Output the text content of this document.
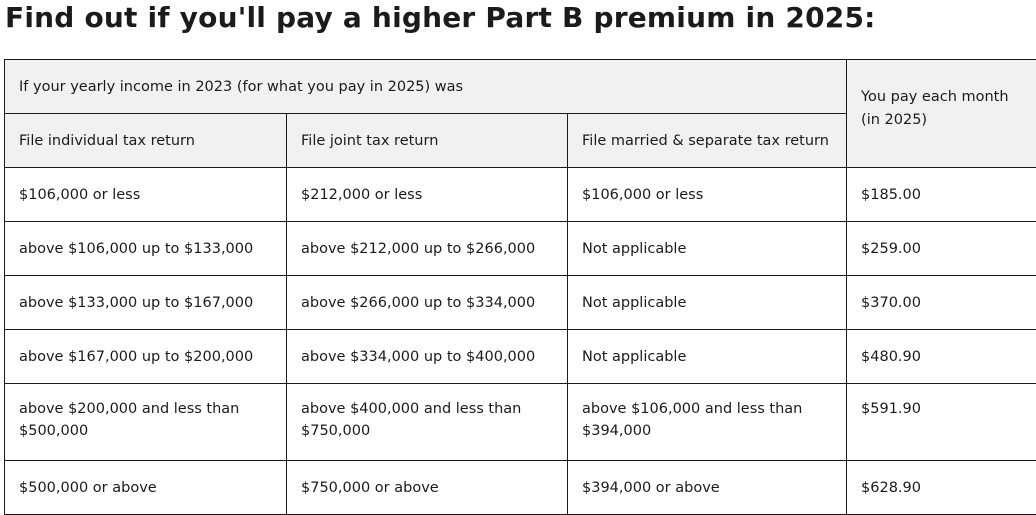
Find out if you'll pay a higher Part B premium in 2025:
If your yearly income in 2023 (for what you pay in 2025) was			You pay each month (in 2025)
File individual tax return	File joint tax return	File married & separate tax return	
$106,000 or less	$212,000 or less	$106,000 or less	$185.00
above $106,000 up to $133,000	above $212,000 up to $266,000	Not applicable	$259.00
above $133,000 up to $167,000	above $266,000 up to $334,000	Not applicable	$370.00
above $167,000 up to $200,000	above $334,000 up to $400,000	Not applicable	$480.90
above $200,000 and less than $500,000	above $400,000 and less than $750,000	above $106,000 and less than $394,000	$591.90
$500,000 or above	$750,000 or above	$394,000 or above	$628.90
